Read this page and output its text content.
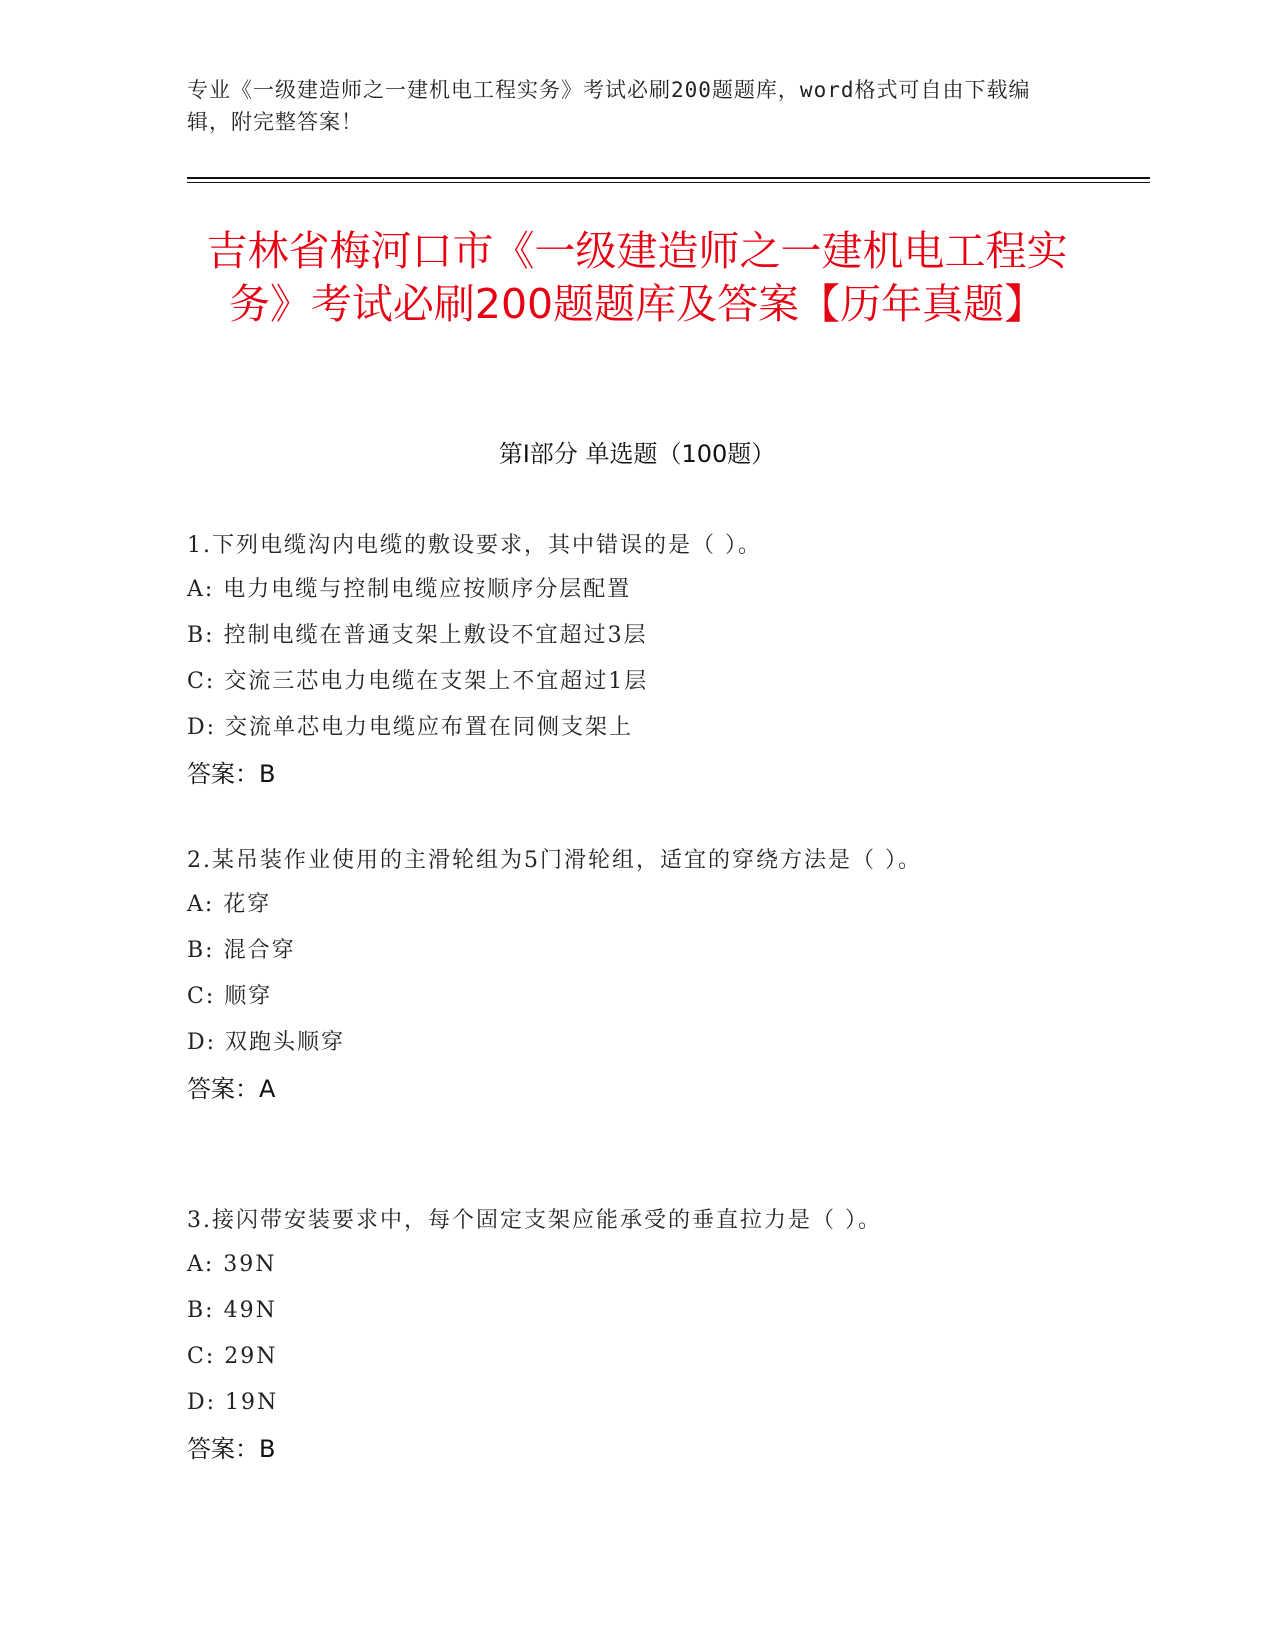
专业《一级建造师之一建机电工程实务》考试必刷200题题库，word格式可自由下载编辑，附完整答案！
吉林省梅河口市《一级建造师之一建机电工程实务》考试必刷200题题库及答案【历年真题】
第Ⅰ部分 单选题（100题）
1.下列电缆沟内电缆的敷设要求，其中错误的是（ ）。
A: 电力电缆与控制电缆应按顺序分层配置
B: 控制电缆在普通支架上敷设不宜超过3层
C: 交流三芯电力电缆在支架上不宜超过1层
D: 交流单芯电力电缆应布置在同侧支架上
答案：B
2.某吊装作业使用的主滑轮组为5门滑轮组，适宜的穿绕方法是（ ）。
A: 花穿
B: 混合穿
C: 顺穿
D: 双跑头顺穿
答案：A
3.接闪带安装要求中，每个固定支架应能承受的垂直拉力是（ ）。
A: 39N
B: 49N
C: 29N
D: 19N
答案：B
